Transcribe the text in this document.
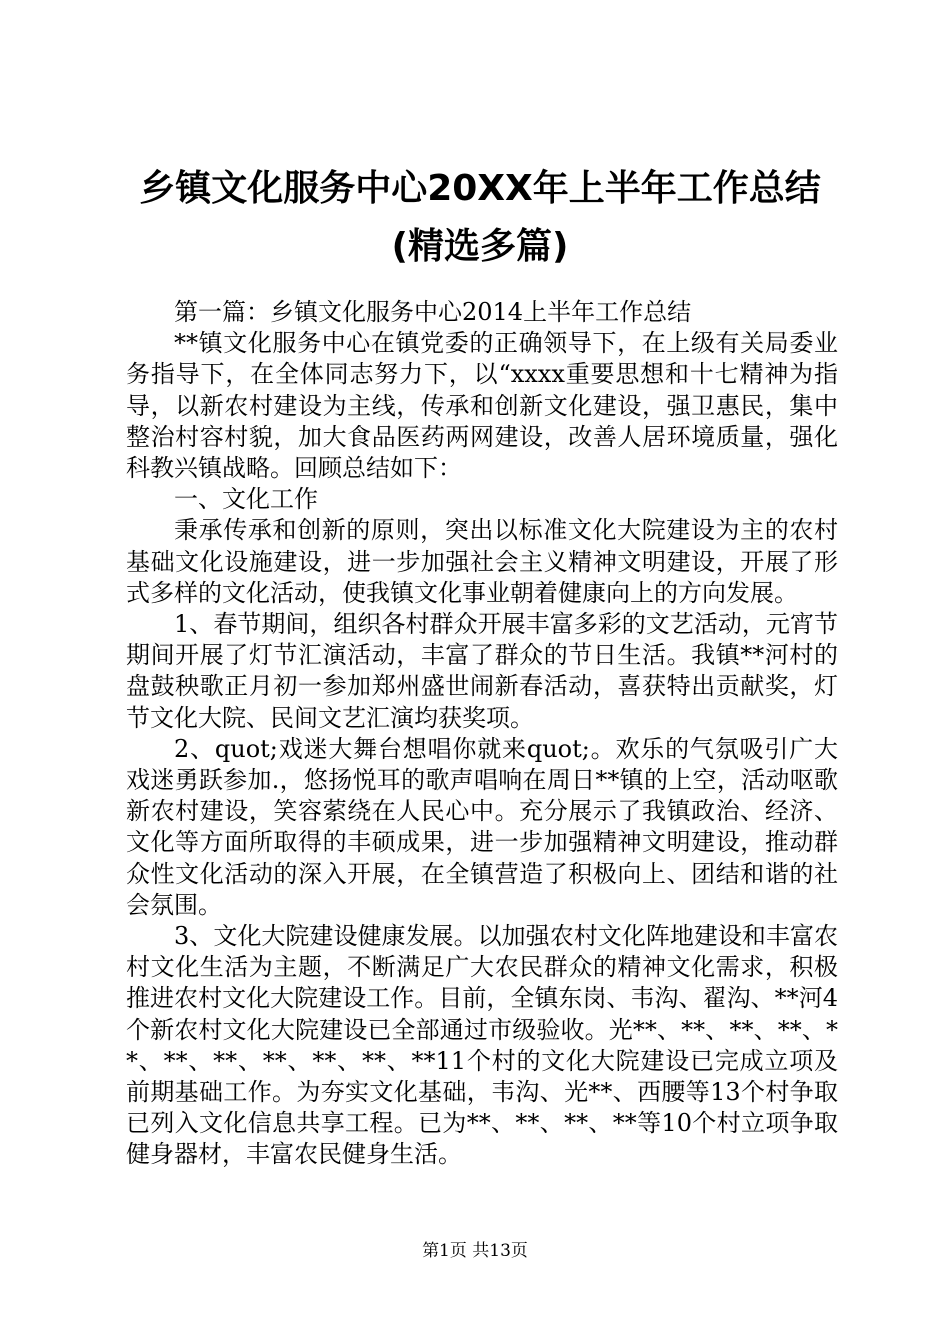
乡镇文化服务中心20XX年上半年工作总结(精选多篇)

第一篇：乡镇文化服务中心2014上半年工作总结

**镇文化服务中心在镇党委的正确领导下，在上级有关局委业务指导下，在全体同志努力下，以“xxxx重要思想和十七精神为指导，以新农村建设为主线，传承和创新文化建设，强卫惠民，集中整治村容村貌，加大食品医药两网建设，改善人居环境质量，强化科教兴镇战略。回顾总结如下：

一、文化工作

秉承传承和创新的原则，突出以标准文化大院建设为主的农村基础文化设施建设，进一步加强社会主义精神文明建设，开展了形式多样的文化活动，使我镇文化事业朝着健康向上的方向发展。

1、春节期间，组织各村群众开展丰富多彩的文艺活动，元宵节期间开展了灯节汇演活动，丰富了群众的节日生活。我镇**河村的盘鼓秧歌正月初一参加郑州盛世闹新春活动，喜获特出贡献奖，灯节文化大院、民间文艺汇演均获奖项。

2、quot;戏迷大舞台想唱你就来quot;。欢乐的气氛吸引广大戏迷勇跃参加.，悠扬悦耳的歌声唱响在周日**镇的上空，活动呕歌新农村建设，笑容萦绕在人民心中。充分展示了我镇政治、经济、文化等方面所取得的丰硕成果，进一步加强精神文明建设，推动群众性文化活动的深入开展，在全镇营造了积极向上、团结和谐的社会氛围。

3、文化大院建设健康发展。以加强农村文化阵地建设和丰富农村文化生活为主题，不断满足广大农民群众的精神文化需求，积极推进农村文化大院建设工作。目前，全镇东岗、韦沟、翟沟、**河4个新农村文化大院建设已全部通过市级验收。光**、**、**、**、**、**、**、**、**、**、**11个村的文化大院建设已完成立项及前期基础工作。为夯实文化基础，韦沟、光**、西腰等13个村争取已列入文化信息共享工程。已为**、**、**、**等10个村立项争取健身器材，丰富农民健身生活。

第1页 共13页
